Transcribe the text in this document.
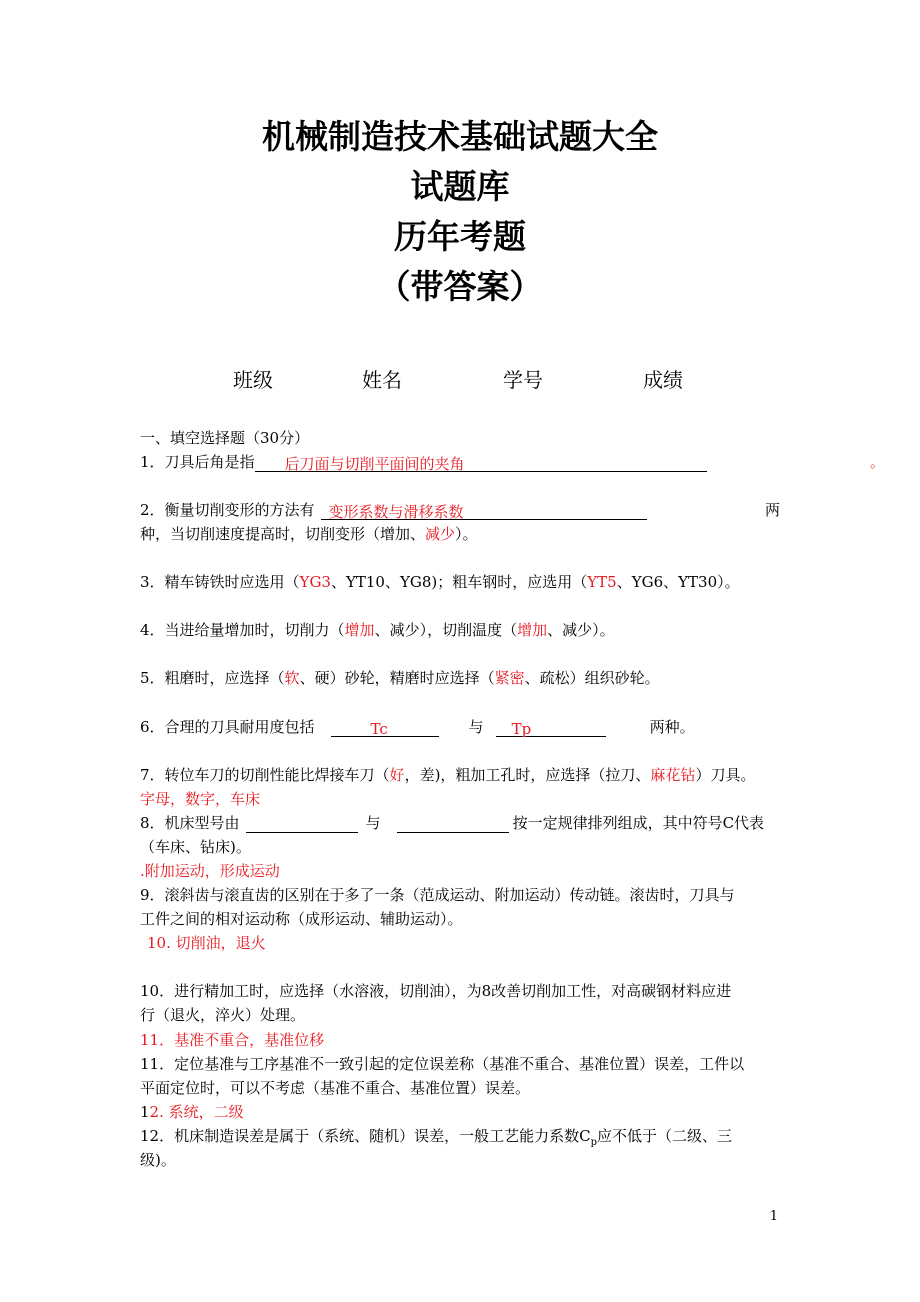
机械制造技术基础试题大全
试题库
历年考题
（带答案）
班级	姓名	学号	成绩
一、填空选择题（30分）
1．刀具后角是指 后刀面与切削平面间的夹角	。
2．衡量切削变形的方法有 变形系数与滑移系数	两
种，当切削速度提高时，切削变形（增加、减少）。
3．精车铸铁时应选用（YG3、YT10、YG8)；粗车钢时，应选用（YT5、YG6、YT30）。
4．当进给量增加时，切削力（增加、减少），切削温度（增加、减少）。
5．粗磨时，应选择（软、硬）砂轮，精磨时应选择（紧密、疏松）组织砂轮。
6．合理的刀具耐用度包括	Tc	与 Tp	两种。
7．转位车刀的切削性能比焊接车刀（好，差)，粗加工孔时，应选择（拉刀、麻花钻）刀具。
字母，数字，车床
8．机床型号由	与	按一定规律排列组成，其中符号C代表
（车床、钻床)。
.附加运动，形成运动
9．滚斜齿与滚直齿的区别在于多了一条（范成运动、附加运动）传动链。滚齿时，刀具与
工件之间的相对运动称（成形运动、辅助运动）。
10. 切削油，退火
10．进行精加工时，应选择（水溶液，切削油），为8改善切削加工性，对高碳钢材料应进
行（退火，淬火）处理。
11．基准不重合，基准位移
11．定位基准与工序基准不一致引起的定位误差称（基准不重合、基准位置）误差，工件以
平面定位时，可以不考虑（基准不重合、基准位置）误差。
12. 系统，二级
12．机床制造误差是属于（系统、随机）误差，一般工艺能力系数$C_p$应不低于（二级、三
级)。
1
